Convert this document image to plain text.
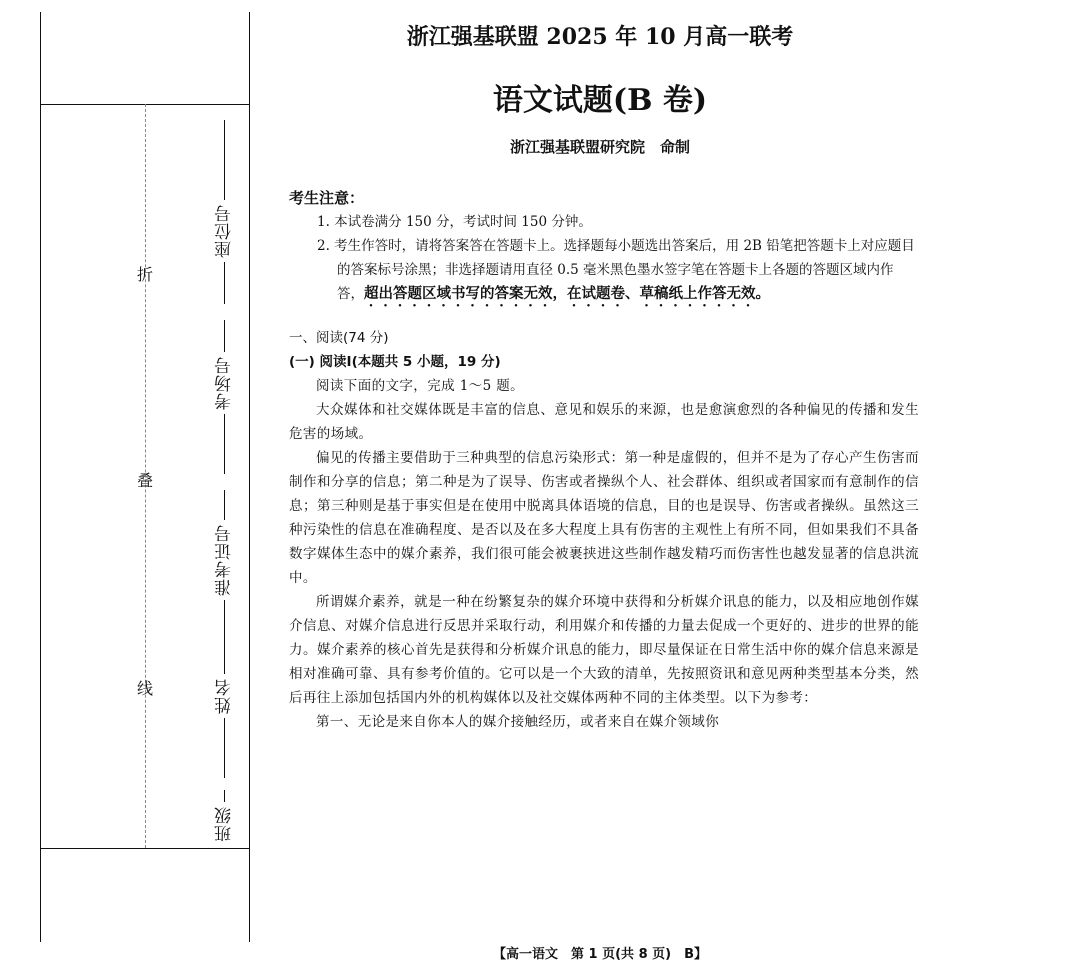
折
叠
线
座位号
考场号
准考证号
姓名
班级
浙江强基联盟 2025 年 10 月高一联考
语文试题(B 卷)
浙江强基联盟研究院　命制
考生注意：
1. 本试卷满分 150 分，考试时间 150 分钟。
2. 考生作答时，请将答案答在答题卡上。选择题每小题选出答案后，用 2B 铅笔把答题卡上对应题目的答案标号涂黑；非选择题请用直径 0.5 毫米黑色墨水签字笔在答题卡上各题的答题区域内作答，超出答题区域书写的答案无效，在试题卷、草稿纸上作答无效。
一、阅读(74 分)
(一) 阅读Ⅰ(本题共 5 小题，19 分)
阅读下面的文字，完成 1～5 题。
大众媒体和社交媒体既是丰富的信息、意见和娱乐的来源，也是愈演愈烈的各种偏见的传播和发生危害的场域。
偏见的传播主要借助于三种典型的信息污染形式：第一种是虚假的，但并不是为了存心产生伤害而制作和分享的信息；第二种是为了误导、伤害或者操纵个人、社会群体、组织或者国家而有意制作的信息；第三种则是基于事实但是在使用中脱离具体语境的信息，目的也是误导、伤害或者操纵。虽然这三种污染性的信息在准确程度、是否以及在多大程度上具有伤害的主观性上有所不同，但如果我们不具备数字媒体生态中的媒介素养，我们很可能会被裹挟进这些制作越发精巧而伤害性也越发显著的信息洪流中。
所谓媒介素养，就是一种在纷繁复杂的媒介环境中获得和分析媒介讯息的能力，以及相应地创作媒介信息、对媒介信息进行反思并采取行动，利用媒介和传播的力量去促成一个更好的、进步的世界的能力。媒介素养的核心首先是获得和分析媒介讯息的能力，即尽量保证在日常生活中你的媒介信息来源是相对准确可靠、具有参考价值的。它可以是一个大致的清单，先按照资讯和意见两种类型基本分类，然后再往上添加包括国内外的机构媒体以及社交媒体两种不同的主体类型。以下为参考：
第一、无论是来自你本人的媒介接触经历，或者来自在媒介领域你
【高一语文　第 1 页(共 8 页)　B】
